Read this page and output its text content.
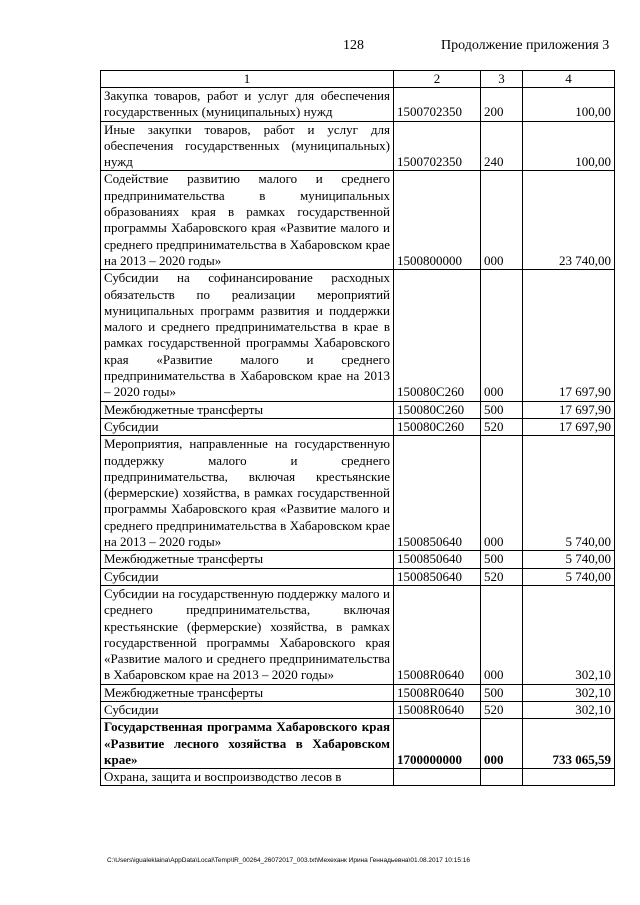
128	Продолжение приложения 3
1	2	3	4
Закупка товаров, работ и услуг для обеспечения государственных (муниципальных) нужд	1500702350	200	100,00
Иные закупки товаров, работ и услуг для обеспечения государственных (муниципальных) нужд	1500702350	240	100,00
Содействие развитию малого и среднего предпринимательства в муниципальных образованиях края в рамках государственной программы Хабаровского края «Развитие малого и среднего предпринимательства в Хабаровском крае на 2013 – 2020 годы»	1500800000	000	23 740,00
Субсидии на софинансирование расходных обязательств по реализации мероприятий муниципальных программ развития и поддержки малого и среднего предпринимательства в крае в рамках государственной программы Хабаровского края «Развитие малого и среднего предпринимательства в Хабаровском крае на 2013 – 2020 годы»	150080С260	000	17 697,90
Межбюджетные трансферты	150080С260	500	17 697,90
Субсидии	150080С260	520	17 697,90
Мероприятия, направленные на государственную поддержку малого и среднего предпринимательства, включая крестьянские (фермерские) хозяйства, в рамках государственной программы Хабаровского края «Развитие малого и среднего предпринимательства в Хабаровском крае на 2013 – 2020 годы»	1500850640	000	5 740,00
Межбюджетные трансферты	1500850640	500	5 740,00
Субсидии	1500850640	520	5 740,00
Субсидии на государственную поддержку малого и среднего предпринимательства, включая крестьянские (фермерские) хозяйства, в рамках государственной программы Хабаровского края «Развитие малого и среднего предпринимательства в Хабаровском крае на 2013 – 2020 годы»	15008R0640	000	302,10
Межбюджетные трансферты	15008R0640	500	302,10
Субсидии	15008R0640	520	302,10
Государственная программа Хабаровского края «Развитие лесного хозяйства в Хабаровском крае»	1700000000	000	733 065,59
Охрана, защита и воспроизводство лесов в			
C:\Users\igualeklaina\AppData\Local\Temp\IR_00264_26072017_003.txt\Мехеханк Ирина Геннадьевна\01.08.2017 10:15:16
